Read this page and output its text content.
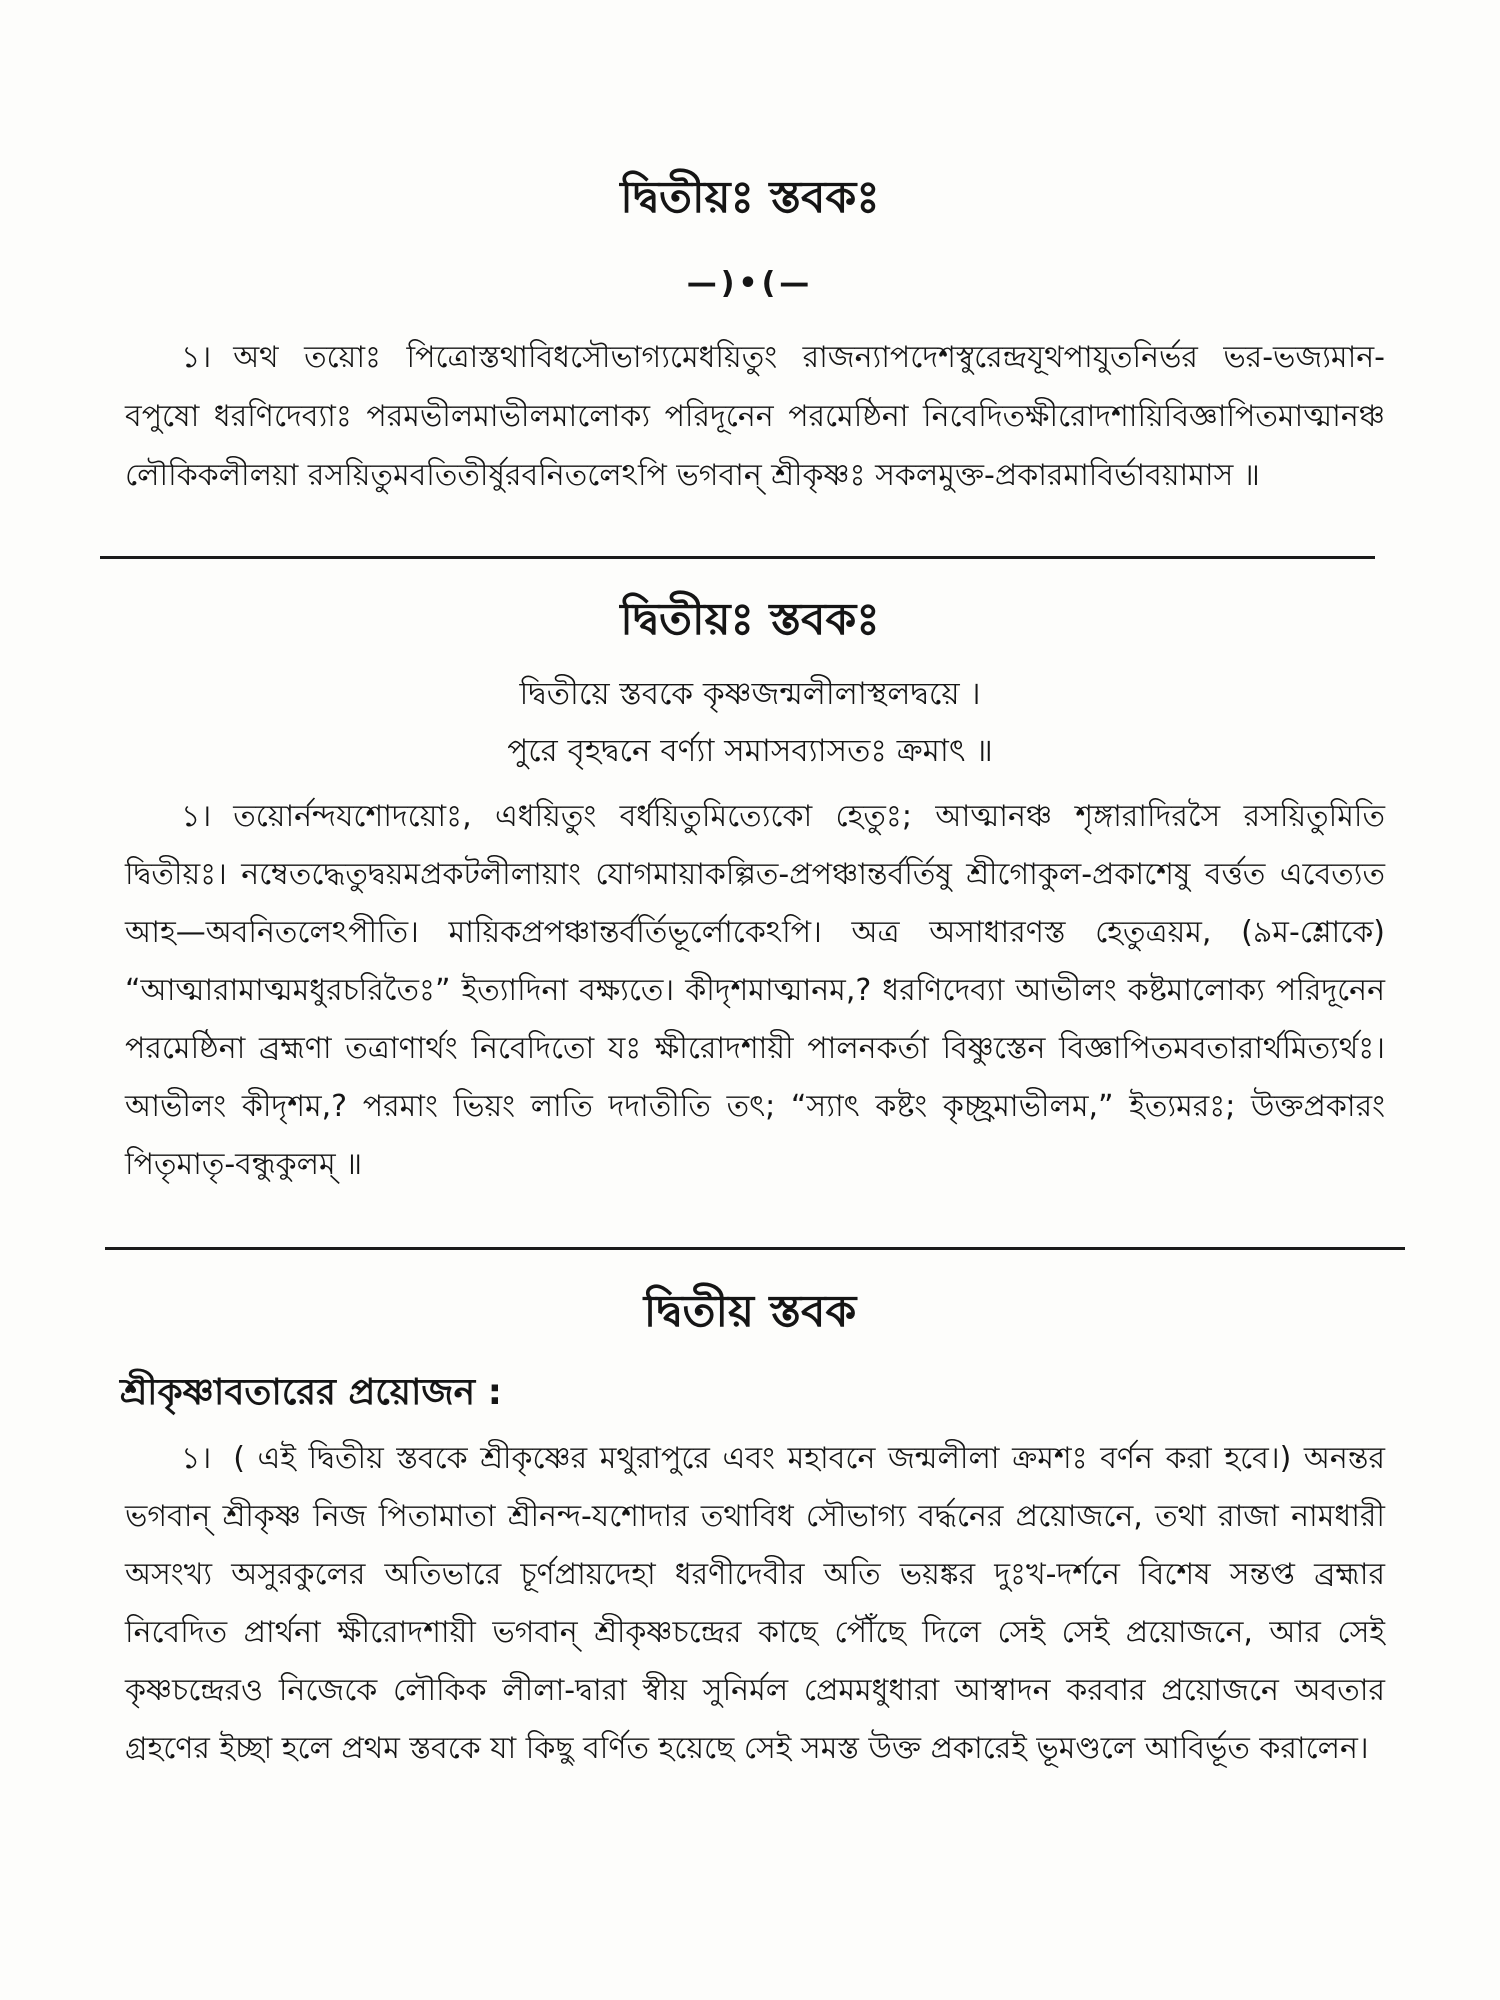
দ্বিতীয়ঃ স্তবকঃ
—)•(—

১। অথ তয়োঃ পিত্রোস্তথাবিধসৌভাগ্যমেধয়িতুং রাজন্যাপদেশস্বুরেন্দ্রযূথপাযুতনির্ভর ভর-ভজ্যমান-বপুষো ধরণিদেব্যাঃ পরমভীলমাভীলমালোক্য পরিদূনেন পরমেষ্ঠিনা নিবেদিতক্ষীরোদশায়িবিজ্ঞাপিতমাত্মানঞ্চ লৌকিকলীলয়া রসয়িতুমবতিতীর্ষুরবনিতলেঽপি ভগবান্ শ্রীকৃষ্ণঃ সকলমুক্ত-প্রকারমাবির্ভাবয়ামাস ॥

দ্বিতীয়ঃ স্তবকঃ
দ্বিতীয়ে স্তবকে কৃষ্ণজন্মলীলাস্থলদ্বয়ে ।
পুরে বৃহদ্বনে বর্ণ্যা সমাসব্যাসতঃ ক্রমাৎ ॥

১। তয়োর্নন্দযশোদয়োঃ, এধয়িতুং বর্ধয়িতুমিত্যেকো হেতুঃ; আত্মানঞ্চ শৃঙ্গারাদিরসৈ রসয়িতুমিতি দ্বিতীয়ঃ। নম্বেতদ্ধেতুদ্বয়মপ্রকটলীলায়াং যোগমায়াকল্পিত-প্রপঞ্চান্তর্বর্তিষু শ্রীগোকুল-প্রকাশেষু বর্ত্তত এবেত্যত আহ—অবনিতলেঽপীতি। মায়িকপ্রপঞ্চান্তর্বর্তিভূর্লোকেঽপি। অত্র অসাধারণস্ত হেতুত্রয়ম, (৯ম-শ্লোকে) “আত্মারামাত্মমধুরচরিতৈঃ” ইত্যাদিনা বক্ষ্যতে। কীদৃশমাত্মানম,? ধরণিদেব্যা আভীলং কষ্টমালোক্য পরিদূনেন পরমেষ্ঠিনা ব্রহ্মণা তত্রাণার্থং নিবেদিতো যঃ ক্ষীরোদশায়ী পালনকর্তা বিষ্ণুস্তেন বিজ্ঞাপিতমবতারার্থমিত্যর্থঃ। আভীলং কীদৃশম,? পরমাং ভিয়ং লাতি দদাতীতি তৎ; “স্যাৎ কষ্টং কৃচ্ছ্রমাভীলম,” ইত্যমরঃ; উক্তপ্রকারং পিতৃমাতৃ-বন্ধুকুলম্ ॥

দ্বিতীয় স্তবক
শ্রীকৃষ্ণাবতারের প্রয়োজন :

১। ( এই দ্বিতীয় স্তবকে শ্রীকৃষ্ণের মথুরাপুরে এবং মহাবনে জন্মলীলা ক্রমশঃ বর্ণন করা হবে।) অনন্তর ভগবান্ শ্রীকৃষ্ণ নিজ পিতামাতা শ্রীনন্দ-যশোদার তথাবিধ সৌভাগ্য বর্দ্ধনের প্রয়োজনে, তথা রাজা নামধারী অসংখ্য অসুরকুলের অতিভারে চূর্ণপ্রায়দেহা ধরণীদেবীর অতি ভয়ঙ্কর দুঃখ-দর্শনে বিশেষ সন্তপ্ত ব্রহ্মার নিবেদিত প্রার্থনা ক্ষীরোদশায়ী ভগবান্ শ্রীকৃষ্ণচন্দ্রের কাছে পৌঁছে দিলে সেই সেই প্রয়োজনে, আর সেই কৃষ্ণচন্দ্রেরও নিজেকে লৌকিক লীলা-দ্বারা স্বীয় সুনির্মল প্রেমমধুধারা আস্বাদন করবার প্রয়োজনে অবতার গ্রহণের ইচ্ছা হলে প্রথম স্তবকে যা কিছু বর্ণিত হয়েছে সেই সমস্ত উক্ত প্রকারেই ভূমণ্ডলে আবির্ভূত করালেন।
